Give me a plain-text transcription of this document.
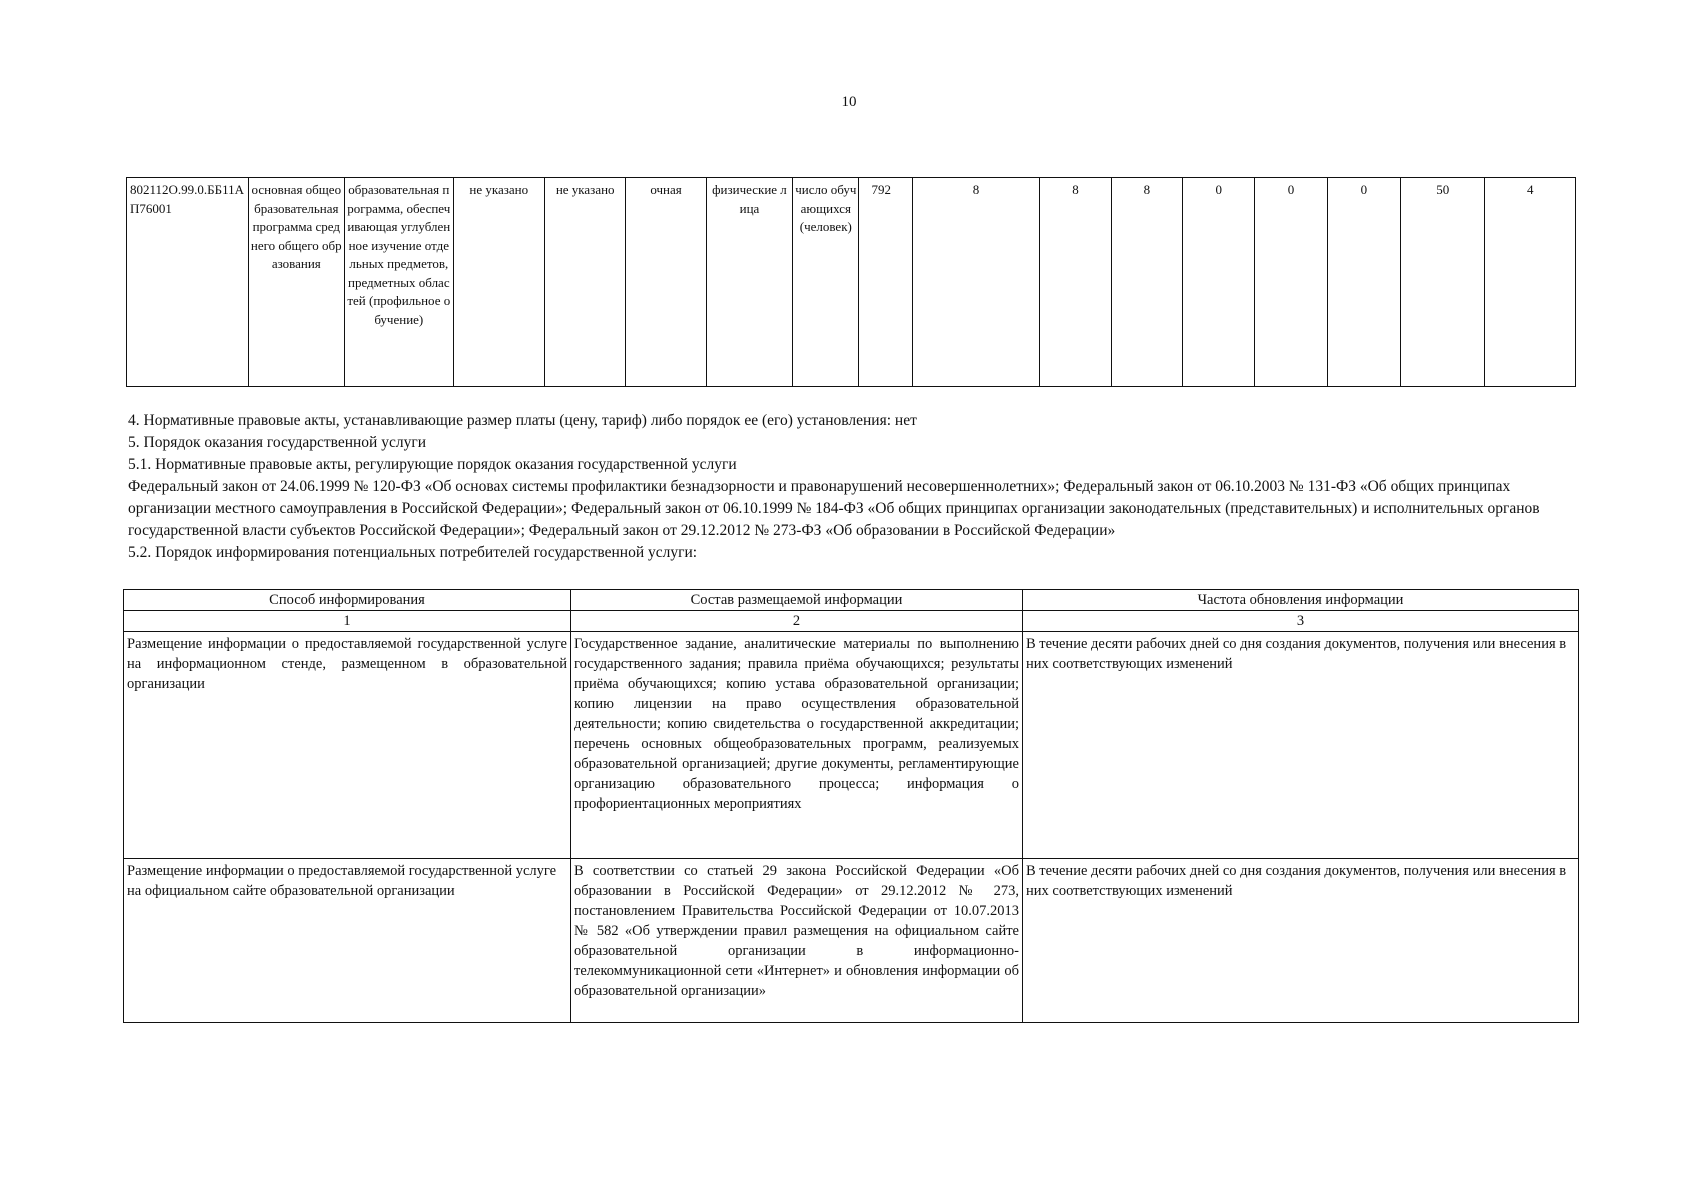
10
802112О.99.0.ББ11АП76001	основная общеобразовательная программа среднего общего образования	образовательная программа, обеспечивающая углубленное изучение отдельных предметов, предметных областей (профильное обучение)	не указано	не указано	очная	физические лица	число обучающихся (человек)	792	8	8	8	0	0	0	50	4

4. Нормативные правовые акты, устанавливающие размер платы (цену, тариф) либо порядок ее (его) установления: нет

5. Порядок оказания государственной услуги

5.1. Нормативные правовые акты, регулирующие порядок оказания государственной услуги

Федеральный закон от 24.06.1999 № 120-ФЗ «Об основах системы профилактики безнадзорности и правонарушений несовершеннолетних»; Федеральный закон от 06.10.2003 № 131-ФЗ «Об общих принципах организации местного самоуправления в Российской Федерации»; Федеральный закон от 06.10.1999 № 184-ФЗ «Об общих принципах организации законодательных (представительных) и исполнительных органов государственной власти субъектов Российской Федерации»; Федеральный закон от 29.12.2012 № 273-ФЗ «Об образовании в Российской Федерации»

5.2. Порядок информирования потенциальных потребителей государственной услуги:

Способ информирования	Состав размещаемой информации	Частота обновления информации
1	2	3
Размещение информации о предоставляемой государственной услуге на информационном стенде, размещенном в образовательной организации	Государственное задание, аналитические материалы по выполнению государственного задания; правила приёма обучающихся; результаты приёма обучающихся; копию устава образовательной организации; копию лицензии на право осуществления образовательной деятельности; копию свидетельства о государственной аккредитации; перечень основных общеобразовательных программ, реализуемых образовательной организацией; другие документы, регламентирующие организацию образовательного процесса; информация о профориентационных мероприятиях	В течение десяти рабочих дней со дня создания документов, получения или внесения в них соответствующих изменений
Размещение информации о предоставляемой государственной услуге на официальном сайте образовательной организации	В соответствии со статьей 29 закона Российской Федерации «Об образовании в Российской Федерации» от 29.12.2012 № 273, постановлением Правительства Российской Федерации от 10.07.2013 № 582 «Об утверждении правил размещения на официальном сайте образовательной организации в информационно-телекоммуникационной сети «Интернет» и обновления информации об образовательной организации»	В течение десяти рабочих дней со дня создания документов, получения или внесения в них соответствующих изменений
